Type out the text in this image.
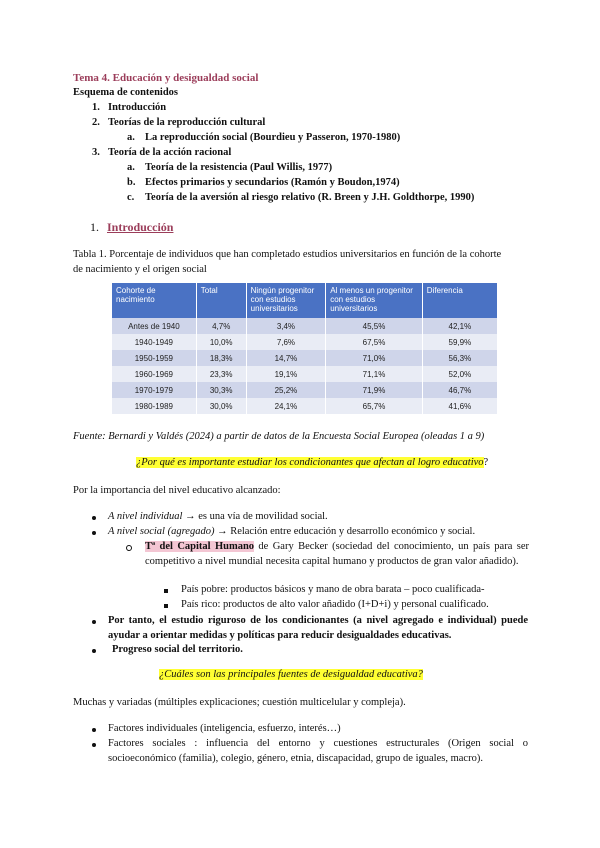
Tema 4. Educación y desigualdad social
Esquema de contenidos
1. Introducción
2. Teorías de la reproducción cultural
a. La reproducción social (Bourdieu y Passeron, 1970-1980)
3. Teoría de la acción racional
a. Teoría de la resistencia (Paul Willis, 1977)
b. Efectos primarios y secundarios (Ramón y Boudon,1974)
c. Teoría de la aversión al riesgo relativo (R. Breen y J.H. Goldthorpe, 1990)
1. Introducción
Tabla 1. Porcentaje de individuos que han completado estudios universitarios en función de la cohorte
de nacimiento y el origen social
Cohorte de nacimiento	Total	Ningún progenitor con estudios universitarios	Al menos un progenitor con estudios universitarios	Diferencia
Antes de 1940	4,7%	3,4%	45,5%	42,1%
1940-1949	10,0%	7,6%	67,5%	59,9%
1950-1959	18,3%	14,7%	71,0%	56,3%
1960-1969	23,3%	19,1%	71,1%	52,0%
1970-1979	30,3%	25,2%	71,9%	46,7%
1980-1989	30,0%	24,1%	65,7%	41,6%
Fuente: Bernardi y Valdés (2024) a partir de datos de la Encuesta Social Europea (oleadas 1 a 9)
¿Por qué es importante estudiar los condicionantes que afectan al logro educativo?
Por la importancia del nivel educativo alcanzado:
A nivel individual → es una vía de movilidad social.
A nivel social (agregado) → Relación entre educación y desarrollo económico y social.
Tª del Capital Humano de Gary Becker (sociedad del conocimiento, un país para ser competitivo a nivel mundial necesita capital humano y productos de gran valor añadido).
País pobre: productos básicos y mano de obra barata – poco cualificada-
País rico: productos de alto valor añadido (I+D+i) y personal cualificado.
Por tanto, el estudio riguroso de los condicionantes (a nivel agregado e individual) puede ayudar a orientar medidas y políticas para reducir desigualdades educativas.
Progreso social del territorio.
¿Cuáles son las principales fuentes de desigualdad educativa?
Muchas y variadas (múltiples explicaciones; cuestión multicelular y compleja).
Factores individuales (inteligencia, esfuerzo, interés…)
Factores sociales : influencia del entorno y cuestiones estructurales (Origen social o socioeconómico (familia), colegio, género, etnia, discapacidad, grupo de iguales, macro).
